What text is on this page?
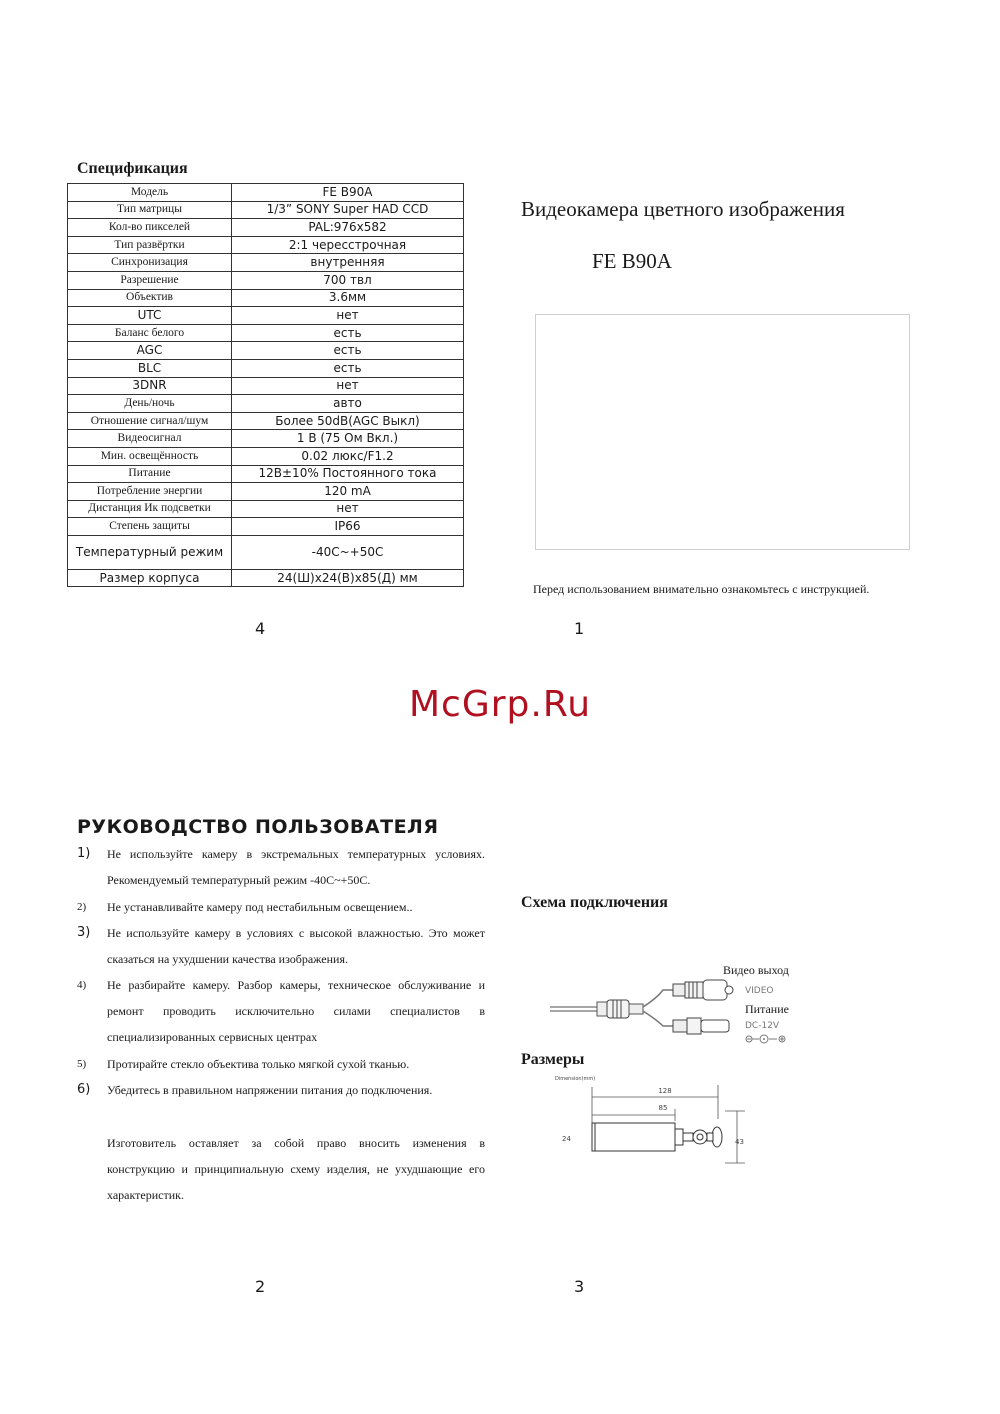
Спецификация
Модель	FE B90A
Тип матрицы	1/3” SONY Super HAD CCD
Кол-во пикселей	PAL:976x582
Тип развёртки	2:1 чересстрочная
Синхронизация	внутренняя
Разрешение	700 твл
Объектив	3.6мм
UTC	нет
Баланс белого	есть
AGC	есть
BLC	есть
3DNR	нет
День/ночь	авто
Отношение сигнал/шум	Более 50dB(AGC Выкл)
Видеосигнал	1 В (75 Ом Вкл.)
Мин. освещённость	0.02 люкс/F1.2
Питание	12В±10% Постоянного тока
Потребление энергии	120 mA
Дистанция Ик подсветки	нет
Степень защиты	IP66
Температурный режим	-40C~+50C
Размер корпуса	24(Ш)x24(В)x85(Д) мм
Видеокамера цветного изображения
FE B90A
Перед использованием внимательно ознакомьтесь с инструкцией.
4	1
McGrp.Ru
РУКОВОДСТВО ПОЛЬЗОВАТЕЛЯ
1) Не используйте камеру в экстремальных температурных условиях. Рекомендуемый температурный режим -40С~+50С.
2) Не устанавливайте камеру под нестабильным освещением..
3) Не используйте камеру в условиях с высокой влажностью. Это может сказаться на ухудшении качества изображения.
4) Не разбирайте камеру. Разбор камеры, техническое обслуживание и ремонт проводить исключительно силами специалистов в специализированных сервисных центрах
5) Протирайте стекло объектива только мягкой сухой тканью.
6) Убедитесь в правильном напряжении питания до подключения.
Изготовитель оставляет за собой право вносить изменения в конструкцию и принципиальную схему изделия, не ухудшающие его характеристик.
2	3
Схема подключения
Видео выход
VIDEO
Питание
DC-12V
Размеры
Dimension(mm)
128
85
24	43
